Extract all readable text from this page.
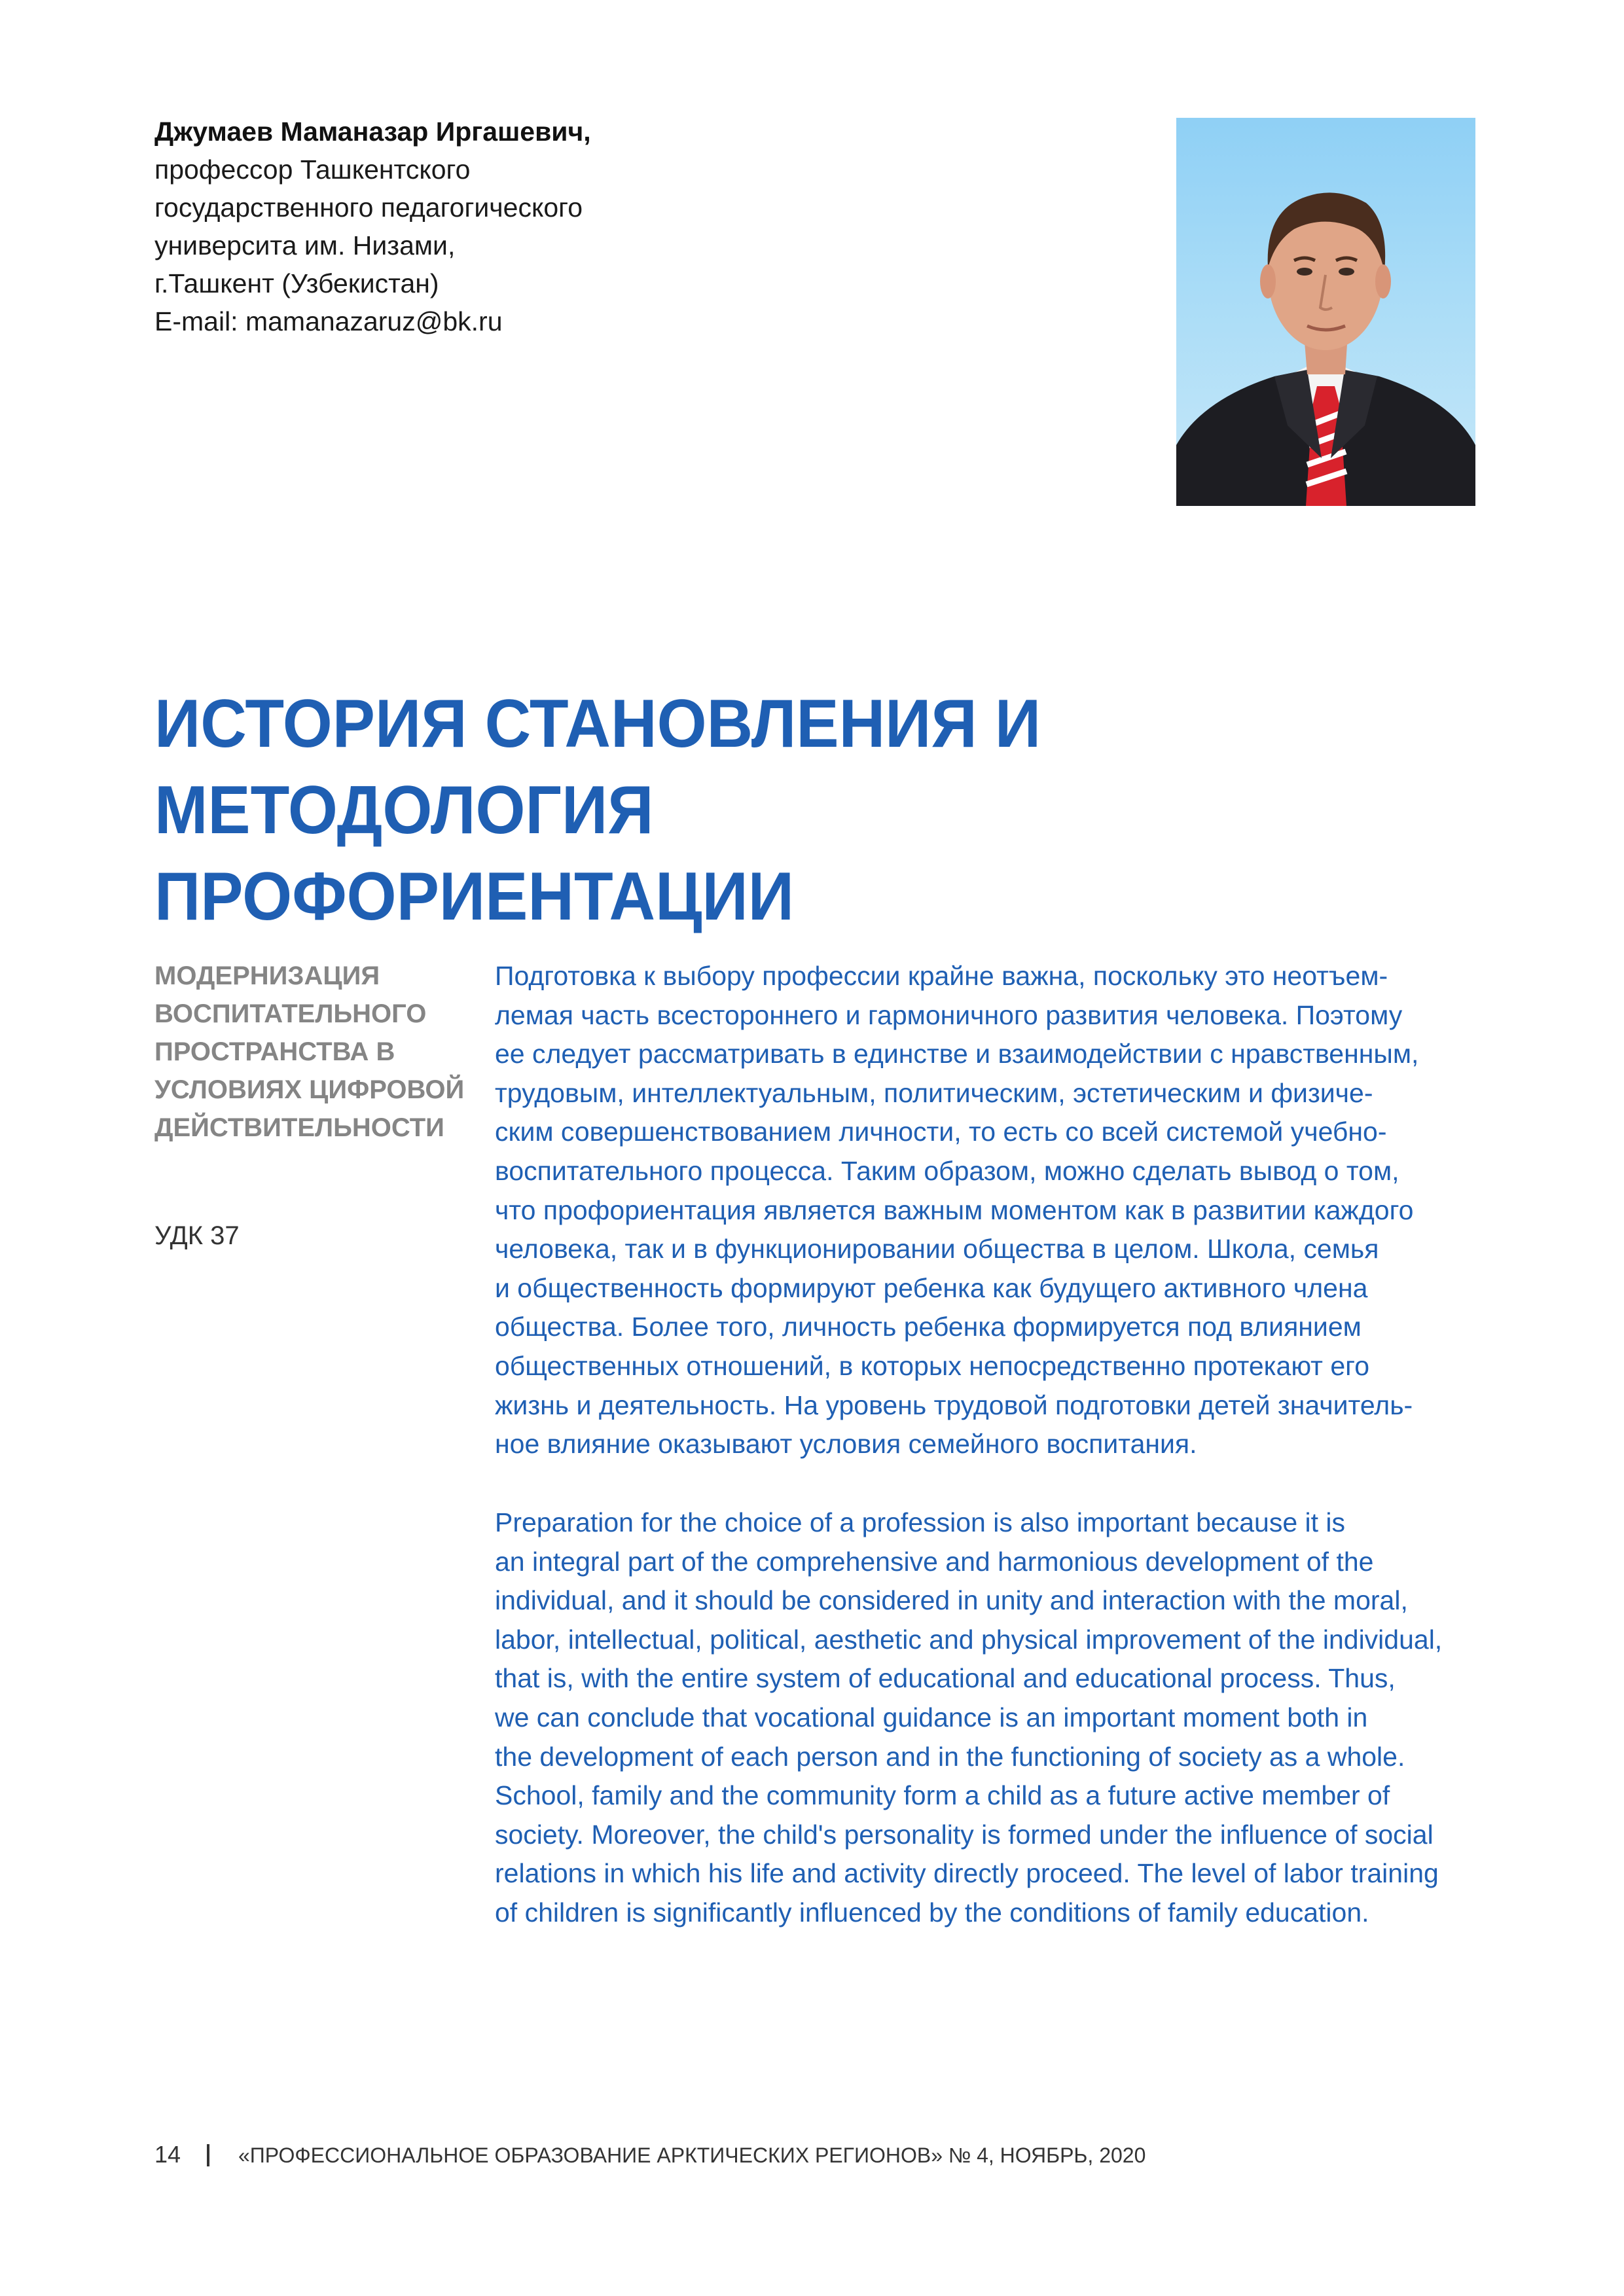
Джумаев Маманазар Иргашевич,
профессор Ташкентского
государственного педагогического
университа им. Низами,
г.Ташкент (Узбекистан)
E-mail: mamanazaruz@bk.ru
ИСТОРИЯ СТАНОВЛЕНИЯ И МЕТОДОЛОГИЯ
ПРОФОРИЕНТАЦИИ
МОДЕРНИЗАЦИЯ
ВОСПИТАТЕЛЬНОГО
ПРОСТРАНСТВА В
УСЛОВИЯХ ЦИФРОВОЙ
ДЕЙСТВИТЕЛЬНОСТИ
УДК 37
Подготовка к выбору профессии крайне важна, поскольку это неотъем-
лемая часть всестороннего и гармоничного развития человека. Поэтому
ее следует рассматривать в единстве и взаимодействии с нравственным,
трудовым, интеллектуальным, политическим, эстетическим и физиче-
ским совершенствованием личности, то есть со всей системой учебно-
воспитательного процесса. Таким образом, можно сделать вывод о том,
что профориентация является важным моментом как в развитии каждого
человека, так и в функционировании общества в целом. Школа, семья
и общественность формируют ребенка как будущего активного члена
общества. Более того, личность ребенка формируется под влиянием
общественных отношений, в которых непосредственно протекают его
жизнь и деятельность. На уровень трудовой подготовки детей значитель-
ное влияние оказывают условия семейного воспитания.
Preparation for the choice of a profession is also important because it is
an integral part of the comprehensive and harmonious development of the
individual, and it should be considered in unity and interaction with the moral,
labor, intellectual, political, aesthetic and physical improvement of the individual,
that is, with the entire system of educational and educational process. Thus,
we can conclude that vocational guidance is an important moment both in
the development of each person and in the functioning of society as a whole.
School, family and the community form a child as a future active member of
society. Moreover, the child's personality is formed under the influence of social
relations in which his life and activity directly proceed. The level of labor training
of children is significantly influenced by the conditions of family education.
14	«ПРОФЕССИОНАЛЬНОЕ ОБРАЗОВАНИЕ АРКТИЧЕСКИХ РЕГИОНОВ» № 4, НОЯБРЬ, 2020
